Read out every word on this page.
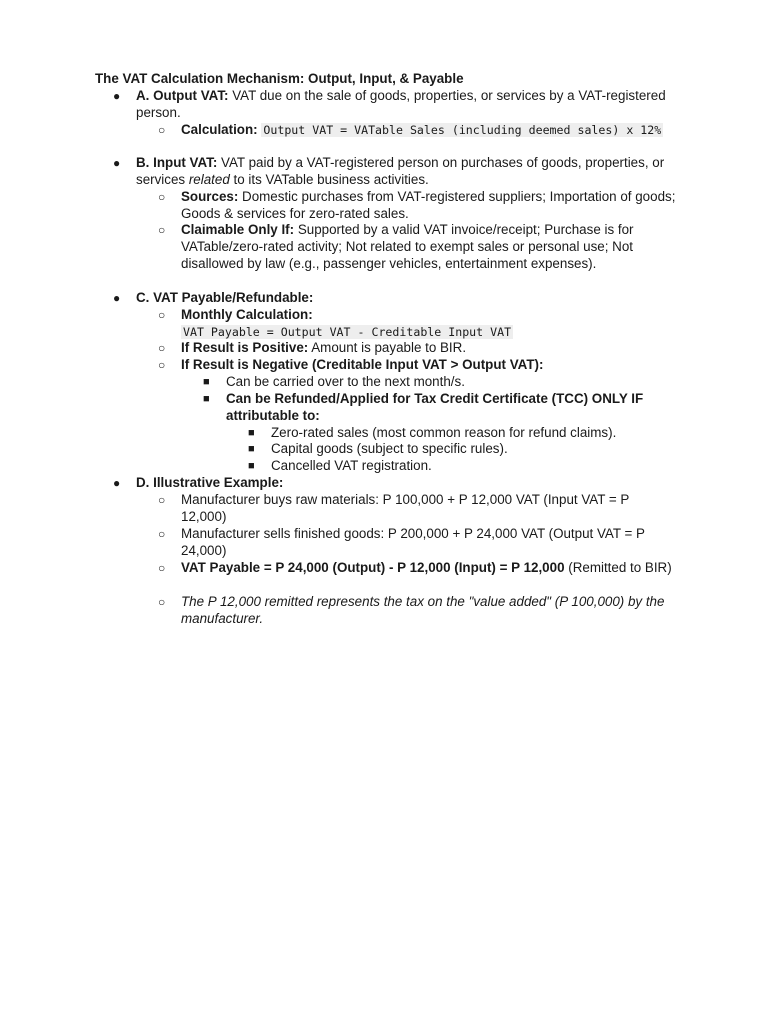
The VAT Calculation Mechanism: Output, Input, & Payable
● A. Output VAT: VAT due on the sale of goods, properties, or services by a VAT-registered person.
○ Calculation: Output VAT = VATable Sales (including deemed sales) x 12%
● B. Input VAT: VAT paid by a VAT-registered person on purchases of goods, properties, or services related to its VATable business activities.
○ Sources: Domestic purchases from VAT-registered suppliers; Importation of goods; Goods & services for zero-rated sales.
○ Claimable Only If: Supported by a valid VAT invoice/receipt; Purchase is for VATable/zero-rated activity; Not related to exempt sales or personal use; Not disallowed by law (e.g., passenger vehicles, entertainment expenses).
● C. VAT Payable/Refundable:
○ Monthly Calculation:
VAT Payable = Output VAT - Creditable Input VAT
○ If Result is Positive: Amount is payable to BIR.
○ If Result is Negative (Creditable Input VAT > Output VAT):
■ Can be carried over to the next month/s.
■ Can be Refunded/Applied for Tax Credit Certificate (TCC) ONLY IF attributable to:
■ Zero-rated sales (most common reason for refund claims).
■ Capital goods (subject to specific rules).
■ Cancelled VAT registration.
● D. Illustrative Example:
○ Manufacturer buys raw materials: P 100,000 + P 12,000 VAT (Input VAT = P 12,000)
○ Manufacturer sells finished goods: P 200,000 + P 24,000 VAT (Output VAT = P 24,000)
○ VAT Payable = P 24,000 (Output) - P 12,000 (Input) = P 12,000 (Remitted to BIR)
○ The P 12,000 remitted represents the tax on the "value added" (P 100,000) by the manufacturer.
